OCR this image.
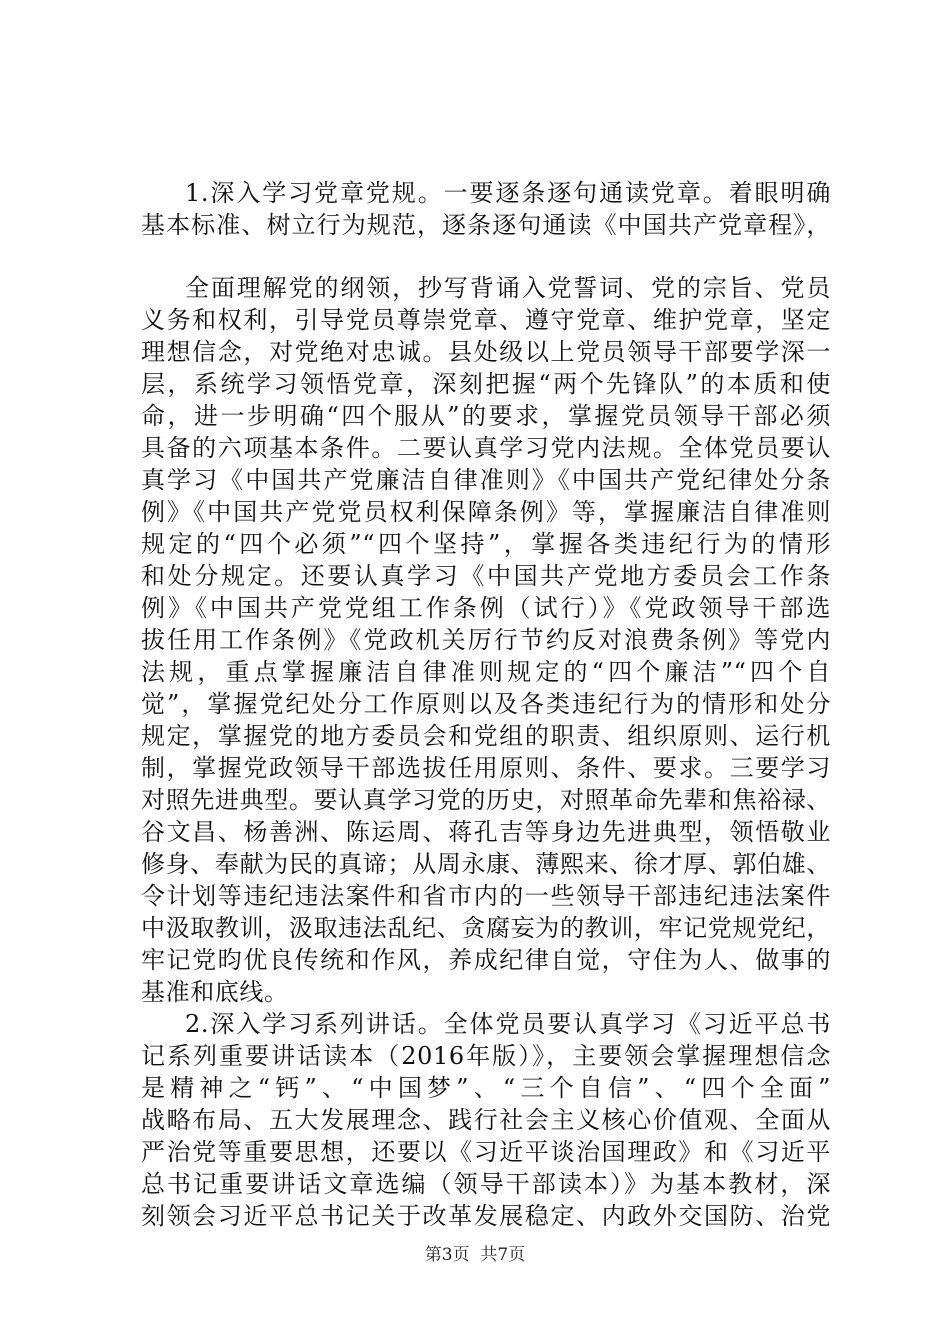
1.深入学习党章党规。一要逐条逐句通读党章。着眼明确
基本标准、树立行为规范，逐条逐句通读《中国共产党章程》，
全面理解党的纲领，抄写背诵入党誓词、党的宗旨、党员
义务和权利，引导党员尊崇党章、遵守党章、维护党章，坚定
理想信念，对党绝对忠诚。县处级以上党员领导干部要学深一
层，系统学习领悟党章，深刻把握“两个先锋队”的本质和使
命，进一步明确“四个服从”的要求，掌握党员领导干部必须
具备的六项基本条件。二要认真学习党内法规。全体党员要认
真学习《中国共产党廉洁自律准则》《中国共产党纪律处分条
例》《中国共产党党员权利保障条例》等，掌握廉洁自律准则
规定的“四个必须”“四个坚持”，掌握各类违纪行为的情形
和处分规定。还要认真学习《中国共产党地方委员会工作条
例》《中国共产党党组工作条例（试行）》《党政领导干部选
拔任用工作条例》《党政机关厉行节约反对浪费条例》等党内
法规，重点掌握廉洁自律准则规定的“四个廉洁”“四个自
觉”，掌握党纪处分工作原则以及各类违纪行为的情形和处分
规定，掌握党的地方委员会和党组的职责、组织原则、运行机
制，掌握党政领导干部选拔任用原则、条件、要求。三要学习
对照先进典型。要认真学习党的历史，对照革命先辈和焦裕禄、
谷文昌、杨善洲、陈运周、蒋孔吉等身边先进典型，领悟敬业
修身、奉献为民的真谛；从周永康、薄熙来、徐才厚、郭伯雄、
令计划等违纪违法案件和省市内的一些领导干部违纪违法案件
中汲取教训，汲取违法乱纪、贪腐妄为的教训，牢记党规党纪，
牢记党昀优良传统和作风，养成纪律自觉，守住为人、做事的
基准和底线。
2.深入学习系列讲话。全体党员要认真学习《习近平总书
记系列重要讲话读本（2016年版）》，主要领会掌握理想信念
是精神之“钙”、“中国梦”、“三个自信”、“四个全面”
战略布局、五大发展理念、践行社会主义核心价值观、全面从
严治党等重要思想，还要以《习近平谈治国理政》和《习近平
总书记重要讲话文章选编（领导干部读本）》为基本教材，深
刻领会习近平总书记关于改革发展稳定、内政外交国防、治党
第3页  共7页
